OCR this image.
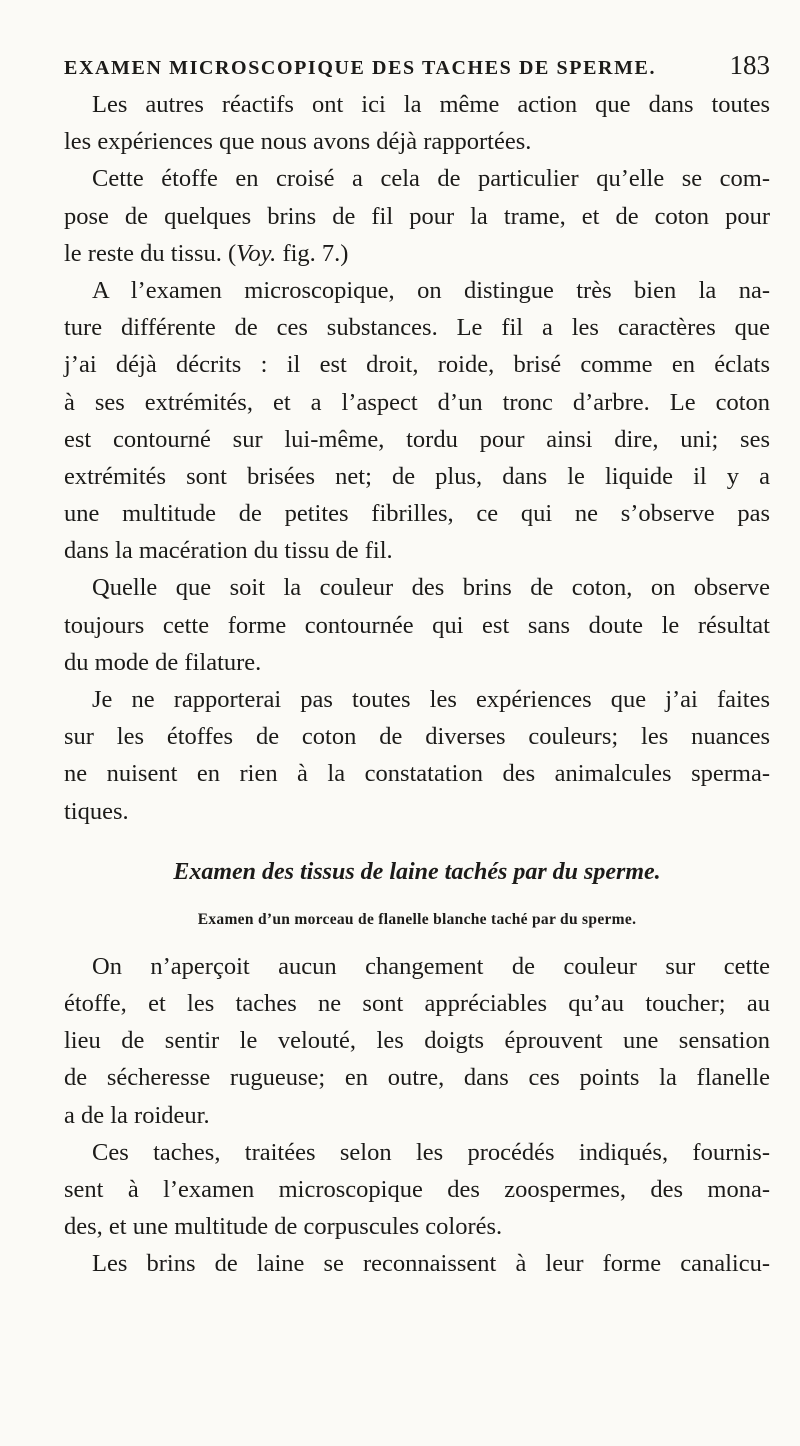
EXAMEN MICROSCOPIQUE DES TACHES DE SPERME.	183
Les autres réactifs ont ici la même action que dans toutes
les expériences que nous avons déjà rapportées.
Cette étoffe en croisé a cela de particulier qu’elle se com-
pose de quelques brins de fil pour la trame, et de coton pour
le reste du tissu. (Voy. fig. 7.)
A l’examen microscopique, on distingue très bien la na-
ture différente de ces substances. Le fil a les caractères que
j’ai déjà décrits : il est droit, roide, brisé comme en éclats
à ses extrémités, et a l’aspect d’un tronc d’arbre. Le coton
est contourné sur lui-même, tordu pour ainsi dire, uni; ses
extrémités sont brisées net; de plus, dans le liquide il y a
une multitude de petites fibrilles, ce qui ne s’observe pas
dans la macération du tissu de fil.
Quelle que soit la couleur des brins de coton, on observe
toujours cette forme contournée qui est sans doute le résultat
du mode de filature.
Je ne rapporterai pas toutes les expériences que j’ai faites
sur les étoffes de coton de diverses couleurs; les nuances
ne nuisent en rien à la constatation des animalcules sperma-
tiques.
Examen des tissus de laine tachés par du sperme.
Examen d’un morceau de flanelle blanche taché par du sperme.
On n’aperçoit aucun changement de couleur sur cette
étoffe, et les taches ne sont appréciables qu’au toucher; au
lieu de sentir le velouté, les doigts éprouvent une sensation
de sécheresse rugueuse; en outre, dans ces points la flanelle
a de la roideur.
Ces taches, traitées selon les procédés indiqués, fournis-
sent à l’examen microscopique des zoospermes, des mona-
des, et une multitude de corpuscules colorés.
Les brins de laine se reconnaissent à leur forme canalicu-
